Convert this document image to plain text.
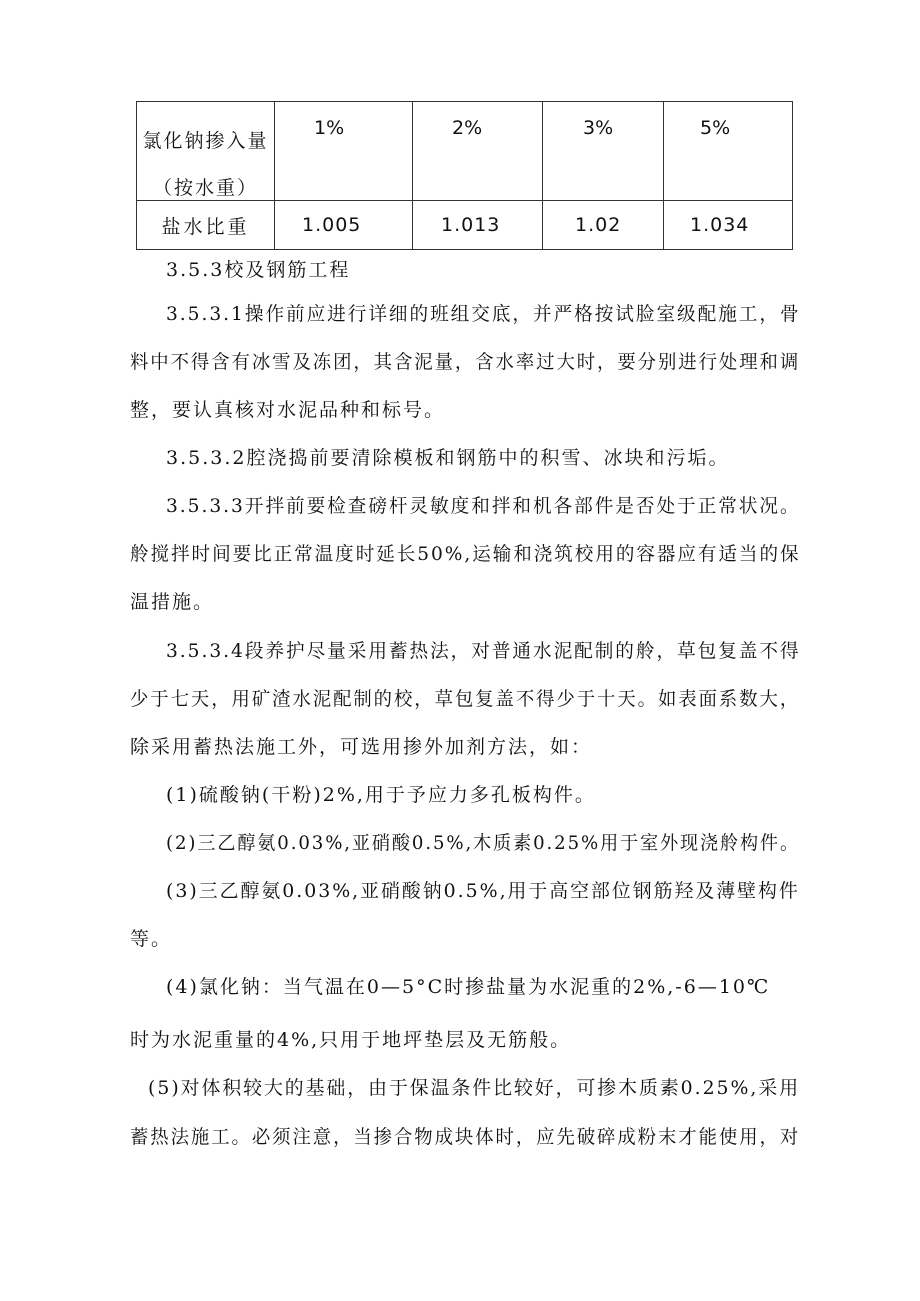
氯化钠掺入量
（按水重）	1%	2%	3%	5%

盐水比重	1.005	1.013	1.02	1.034
3.5.3校及钢筋工程
3.5.3.1操作前应进行详细的班组交底，并严格按试脸室级配施工，骨
料中不得含有冰雪及冻团，其含泥量，含水率过大时，要分别进行处理和调
整，要认真核对水泥品种和标号。
3.5.3.2腔浇捣前要清除模板和钢筋中的积雪、冰块和污垢。
3.5.3.3开拌前要检查磅杆灵敏度和拌和机各部件是否处于正常状况。
舲搅拌时间要比正常温度时延长50%,运输和浇筑校用的容器应有适当的保
温措施。
3.5.3.4段养护尽量采用蓄热法，对普通水泥配制的舲，草包复盖不得
少于七天，用矿渣水泥配制的校，草包复盖不得少于十天。如表面系数大，
除采用蓄热法施工外，可选用掺外加剂方法，如：
(1)硫酸钠(干粉)2%,用于予应力多孔板构件。
(2)三乙醇氨0.03%,亚硝酸0.5%,木质素0.25%用于室外现浇舲构件。
(3)三乙醇氨0.03%,亚硝酸钠0.5%,用于高空部位钢筋羟及薄壁构件
等。
(4)氯化钠：当气温在0—5°C时掺盐量为水泥重的2%,-6—10℃
时为水泥重量的4%,只用于地坪垫层及无筋般。
(5)对体积较大的基础，由于保温条件比较好，可掺木质素0.25%,采用
蓄热法施工。必须注意，当掺合物成块体时，应先破碎成粉末才能使用，对
